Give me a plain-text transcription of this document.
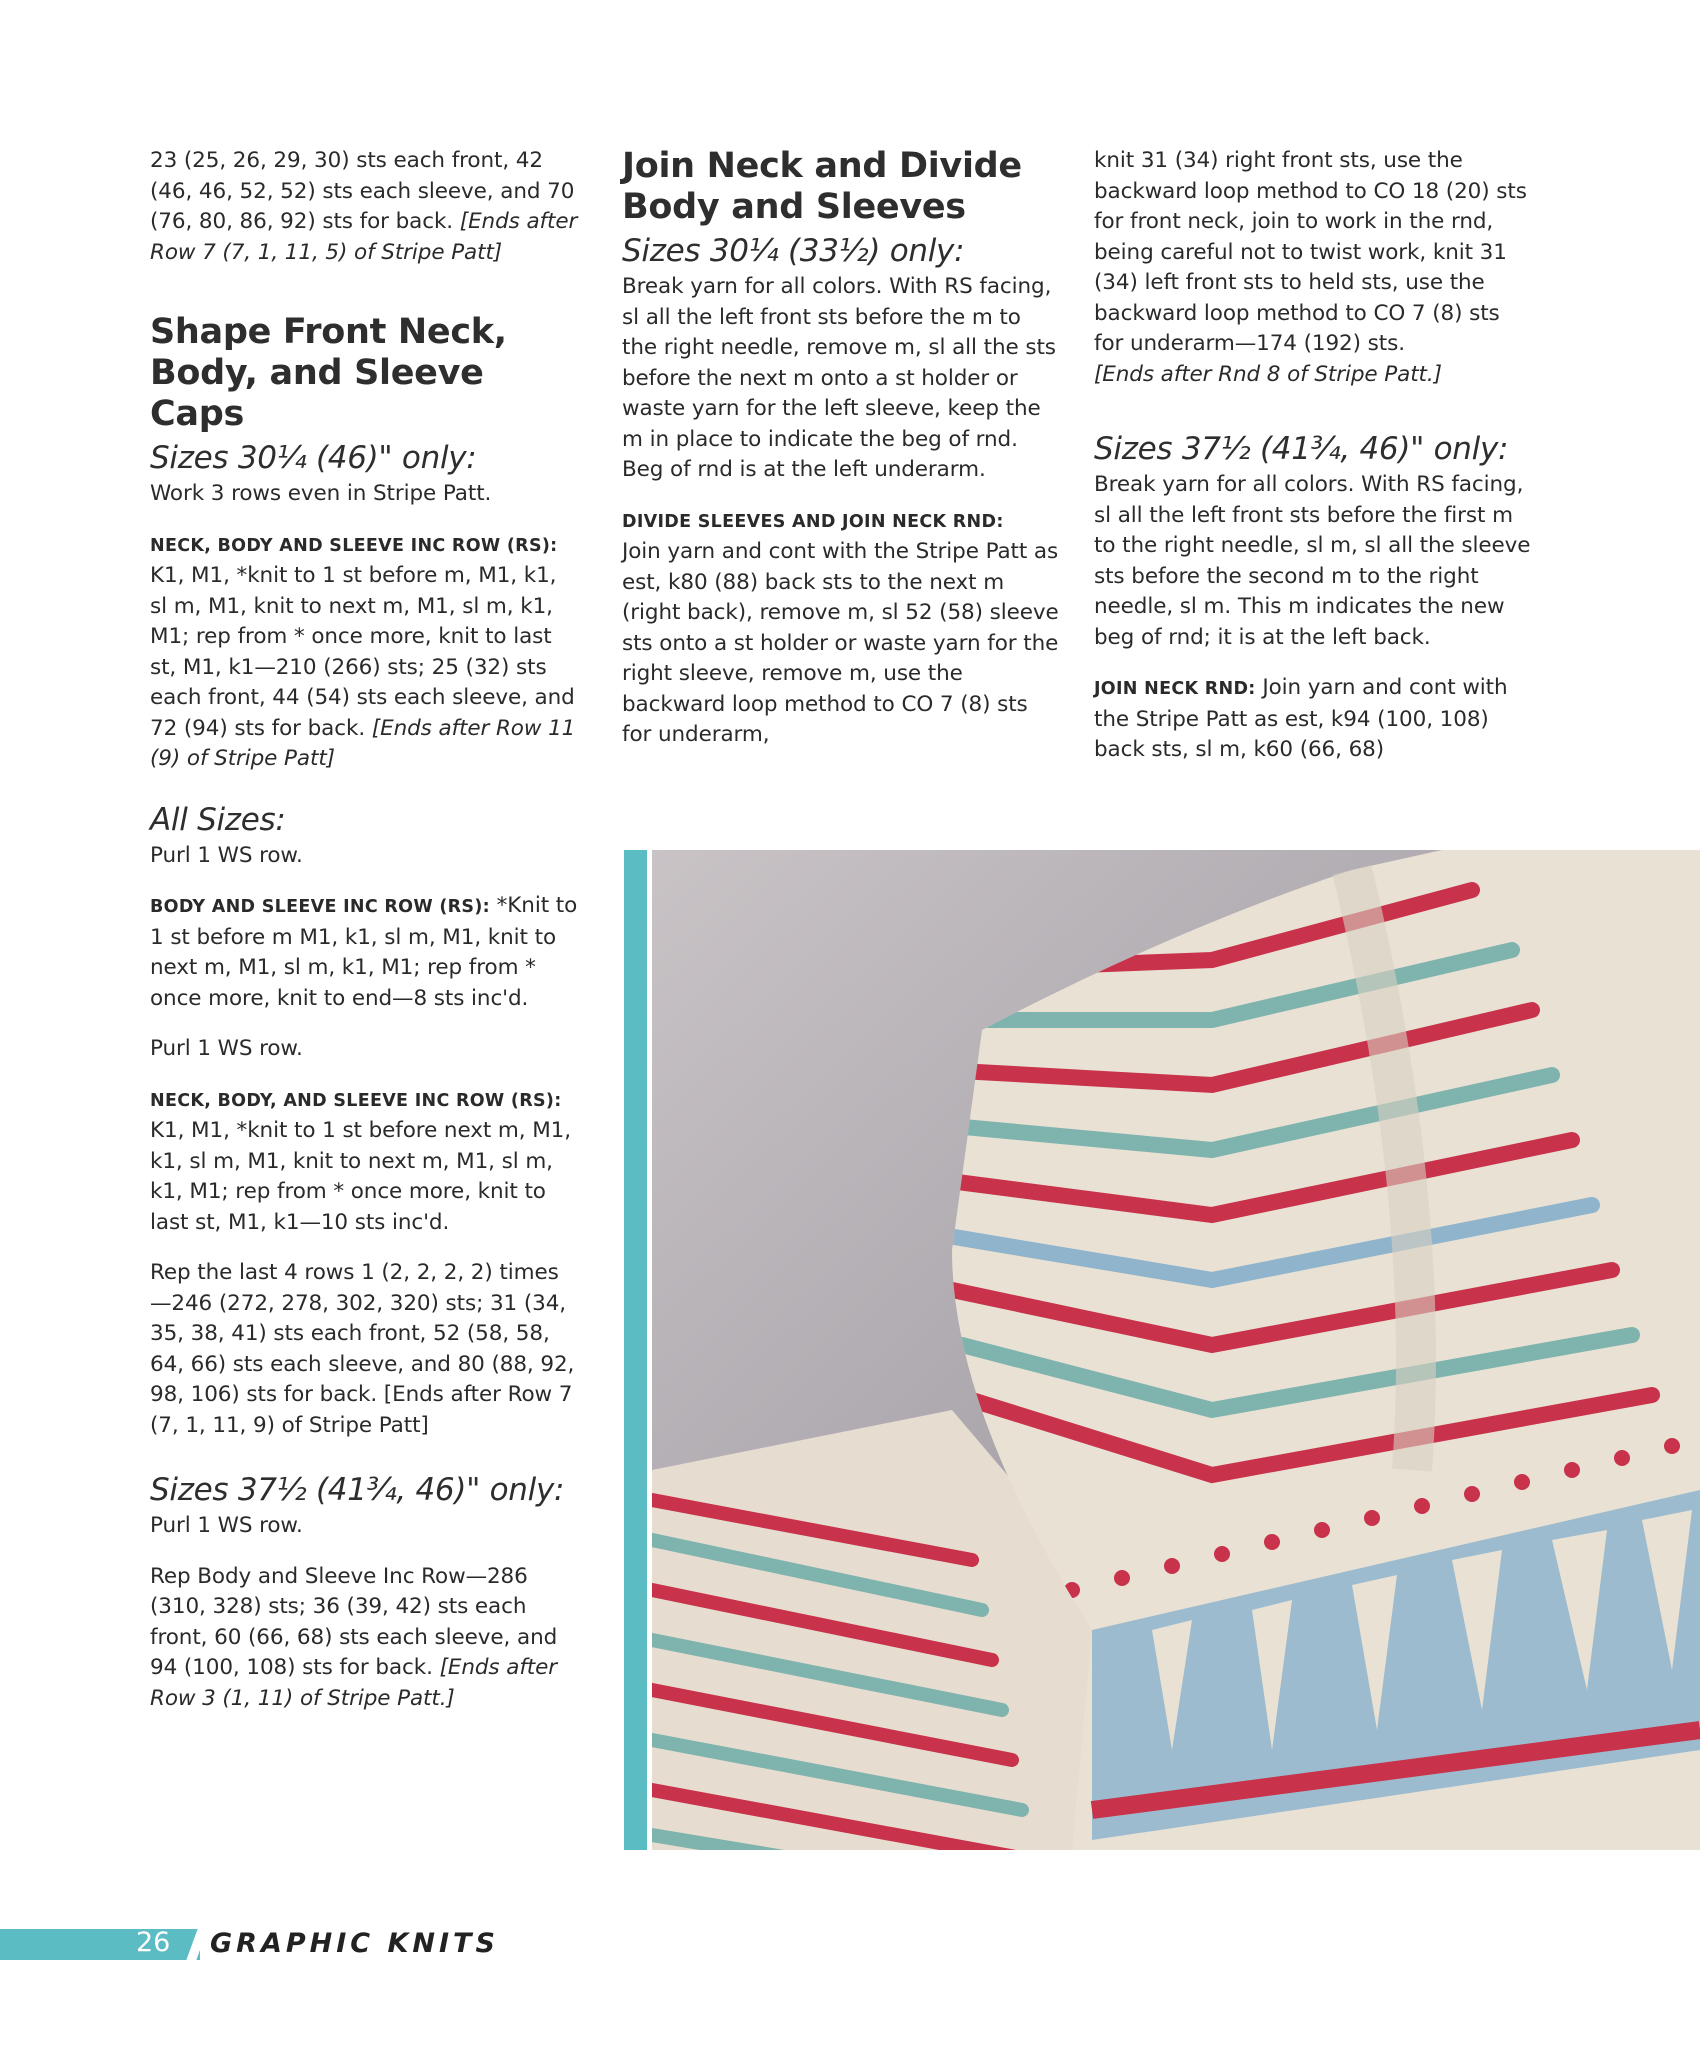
23 (25, 26, 29, 30) sts each front, 42 (46, 46, 52, 52) sts each sleeve, and 70 (76, 80, 86, 92) sts for back. [Ends after Row 7 (7, 1, 11, 5) of Stripe Patt]

Shape Front Neck, Body, and Sleeve Caps
Sizes 30¼ (46)" only:

Work 3 rows even in Stripe Patt.

NECK, BODY AND SLEEVE INC ROW (RS):
K1, M1, *knit to 1 st before m, M1, k1, sl m, M1, knit to next m, M1, sl m, k1, M1; rep from * once more, knit to last st, M1, k1—210 (266) sts; 25 (32) sts each front, 44 (54) sts each sleeve, and 72 (94) sts for back. [Ends after Row 11 (9) of Stripe Patt]

All Sizes:

Purl 1 WS row.

BODY AND SLEEVE INC ROW (RS): *Knit to 1 st before m M1, k1, sl m, M1, knit to next m, M1, sl m, k1, M1; rep from * once more, knit to end—8 sts inc'd.

Purl 1 WS row.

NECK, BODY, AND SLEEVE INC ROW (RS):
K1, M1, *knit to 1 st before next m, M1, k1, sl m, M1, knit to next m, M1, sl m, k1, M1; rep from * once more, knit to last st, M1, k1—10 sts inc'd.

Rep the last 4 rows 1 (2, 2, 2, 2) times—246 (272, 278, 302, 320) sts; 31 (34, 35, 38, 41) sts each front, 52 (58, 58, 64, 66) sts each sleeve, and 80 (88, 92, 98, 106) sts for back. [Ends after Row 7 (7, 1, 11, 9) of Stripe Patt]

Sizes 37½ (41¾, 46)" only:

Purl 1 WS row.

Rep Body and Sleeve Inc Row—286 (310, 328) sts; 36 (39, 42) sts each front, 60 (66, 68) sts each sleeve, and 94 (100, 108) sts for back. [Ends after Row 3 (1, 11) of Stripe Patt.]

Join Neck and Divide Body and Sleeves
Sizes 30¼ (33½) only:

Break yarn for all colors. With RS facing, sl all the left front sts before the m to the right needle, remove m, sl all the sts before the next m onto a st holder or waste yarn for the left sleeve, keep the m in place to indicate the beg of rnd. Beg of rnd is at the left underarm.

DIVIDE SLEEVES AND JOIN NECK RND:
Join yarn and cont with the Stripe Patt as est, k80 (88) back sts to the next m (right back), remove m, sl 52 (58) sleeve sts onto a st holder or waste yarn for the right sleeve, remove m, use the backward loop method to CO 7 (8) sts for underarm,

knit 31 (34) right front sts, use the backward loop method to CO 18 (20) sts for front neck, join to work in the rnd, being careful not to twist work, knit 31 (34) left front sts to held sts, use the backward loop method to CO 7 (8) sts for underarm—174 (192) sts.
[Ends after Rnd 8 of Stripe Patt.]

Sizes 37½ (41¾, 46)" only:

Break yarn for all colors. With RS facing, sl all the left front sts before the first m to the right needle, sl m, sl all the sleeve sts before the second m to the right needle, sl m. This m indicates the new beg of rnd; it is at the left back.

JOIN NECK RND: Join yarn and cont with the Stripe Patt as est, k94 (100, 108) back sts, sl m, k60 (66, 68)

26 GRAPHIC KNITS
